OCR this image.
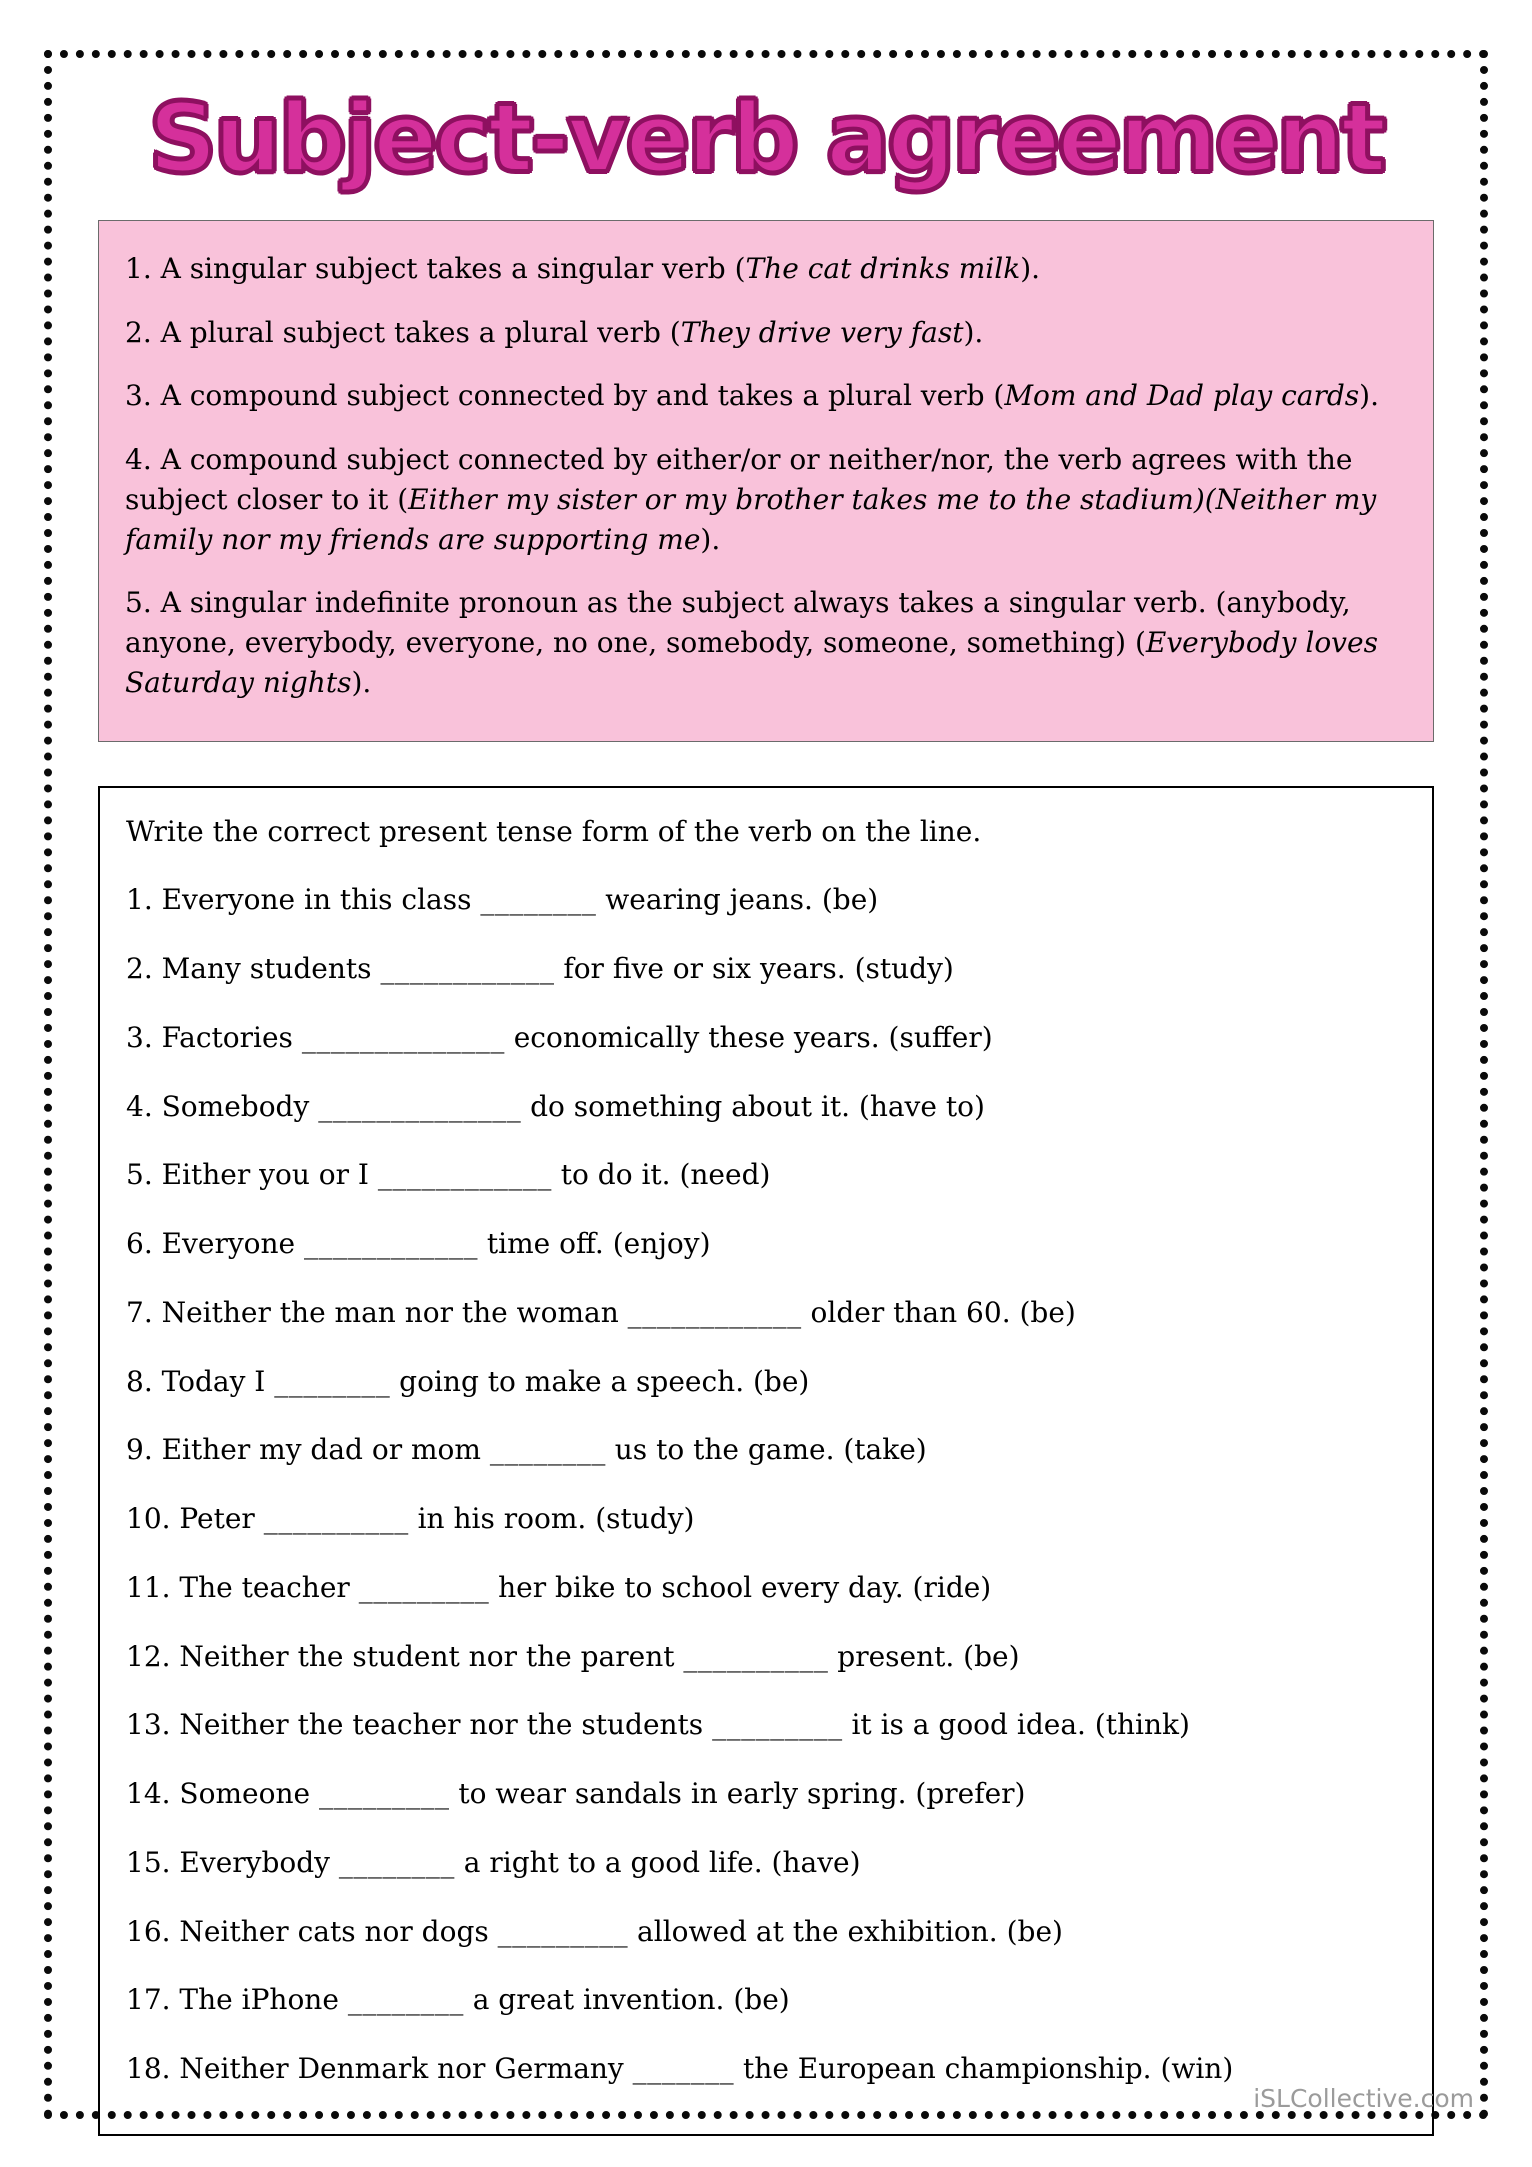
Subject-verb agreement

1. A singular subject takes a singular verb (The cat drinks milk).

2. A plural subject takes a plural verb (They drive very fast).

3. A compound subject connected by and takes a plural verb (Mom and Dad play cards).

4. A compound subject connected by either/or or neither/nor, the verb agrees with the subject closer to it (Either my sister or my brother takes me to the stadium)(Neither my family nor my friends are supporting me).

5. A singular indefinite pronoun as the subject always takes a singular verb. (anybody, anyone, everybody, everyone, no one, somebody, someone, something) (Everybody loves Saturday nights).

Write the correct present tense form of the verb on the line.

1. Everyone in this class ________ wearing jeans. (be)

2. Many students ____________ for five or six years. (study)

3. Factories ______________ economically these years. (suffer)

4. Somebody ______________ do something about it. (have to)

5. Either you or I ____________ to do it. (need)

6. Everyone ____________ time off. (enjoy)

7. Neither the man nor the woman ____________ older than 60. (be)

8. Today I ________ going to make a speech. (be)

9. Either my dad or mom ________ us to the game. (take)

10. Peter __________ in his room. (study)

11. The teacher _________ her bike to school every day. (ride)

12. Neither the student nor the parent __________ present. (be)

13. Neither the teacher nor the students _________ it is a good idea. (think)

14. Someone _________ to wear sandals in early spring. (prefer)

15. Everybody ________ a right to a good life. (have)

16. Neither cats nor dogs _________ allowed at the exhibition. (be)

17. The iPhone ________ a great invention. (be)

18. Neither Denmark nor Germany _______ the European championship. (win)

iSLCollective.com
